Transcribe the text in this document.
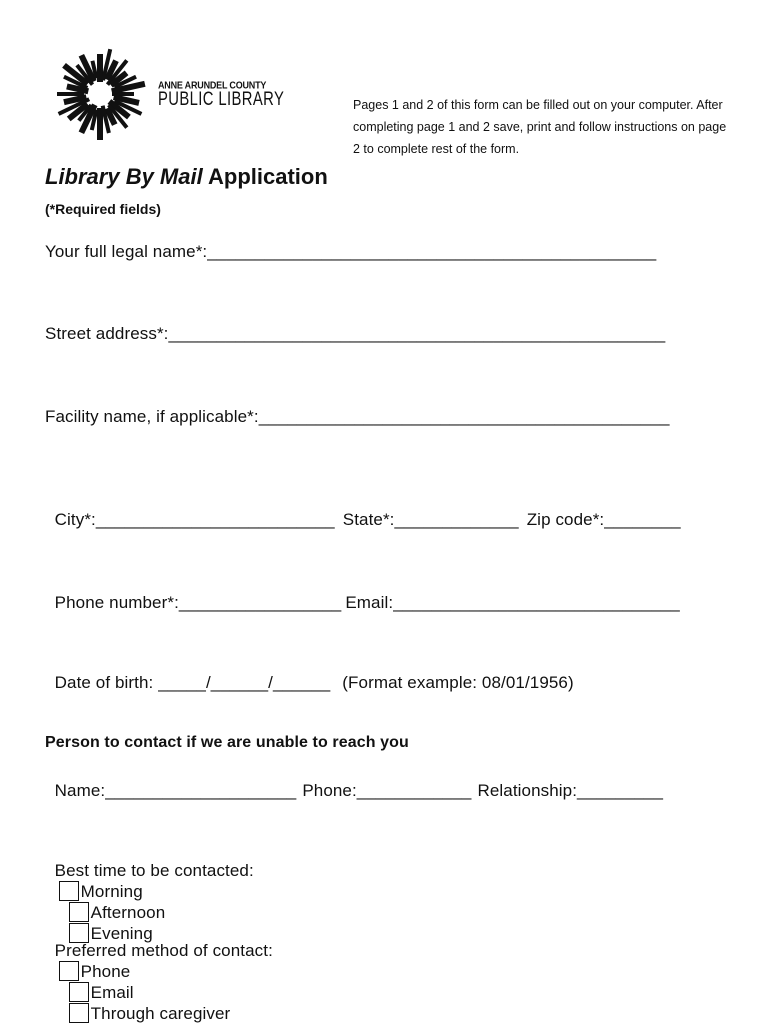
ANNE ARUNDEL COUNTY
PUBLIC LIBRARY	Pages 1 and 2 of this form can be filled out on your computer. After completing page 1 and 2 save, print and follow instructions on page 2 to complete rest of the form.
Library By Mail Application
(*Required fields)
Your full legal name*:_______________________________________________
Street address*:____________________________________________________
Facility name, if applicable*:___________________________________________

City*:_________________________ State*:_____________ Zip code*:________

Phone number*:_________________ Email:______________________________

Date of birth: _____/______/______ (Format example: 08/01/1956)

Person to contact if we are unable to reach you

Name:____________________ Phone:____________ Relationship:_________

Best time to be contacted:
Morning
Afternoon
Evening

Preferred method of contact:
Phone
Email
Through caregiver
